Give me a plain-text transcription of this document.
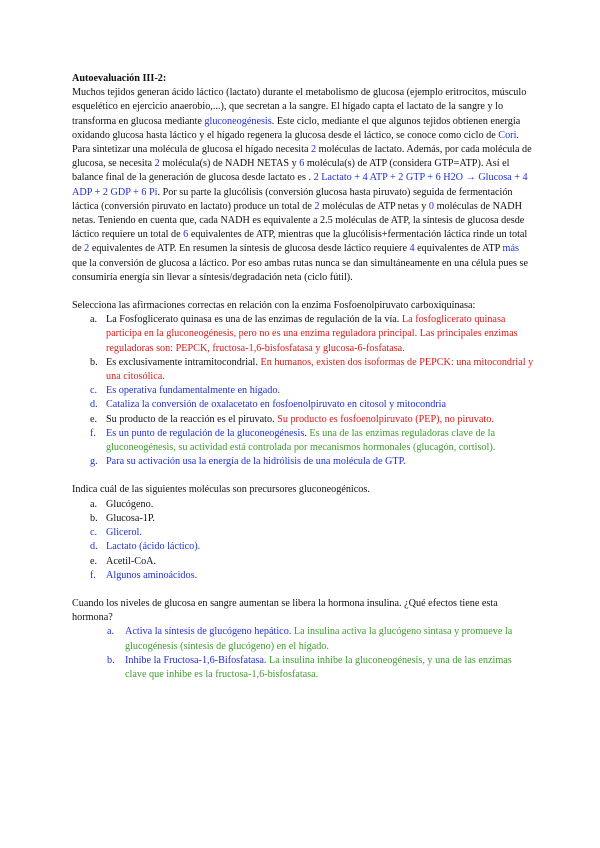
Autoevaluación III-2:

Muchos tejidos generan ácido láctico (lactato) durante el metabolismo de glucosa (ejemplo eritrocitos, músculo esquelético en ejercicio anaerobio,...), que secretan a la sangre. El hígado capta el lactato de la sangre y lo transforma en glucosa mediante gluconeogénesis. Este ciclo, mediante el que algunos tejidos obtienen energía oxidando glucosa hasta láctico y el hígado regenera la glucosa desde el láctico, se conoce como ciclo de Cori.

Para sintetizar una molécula de glucosa el hígado necesita 2 moléculas de lactato. Además, por cada molécula de glucosa, se necesita 2 molécula(s) de NADH NETAS y 6 molécula(s) de ATP (considera GTP=ATP). Así el balance final de la generación de glucosa desde lactato es . 2 Lactato + 4 ATP + 2 GTP + 6 H2O → Glucosa + 4 ADP + 2 GDP + 6 Pi. Por su parte la glucólisis (conversión glucosa hasta piruvato) seguida de fermentación láctica (conversión piruvato en lactato) produce un total de 2 moléculas de ATP netas y 0 moléculas de NADH netas. Teniendo en cuenta que, cada NADH es equivalente a 2.5 moléculas de ATP, la síntesis de glucosa desde láctico requiere un total de 6 equivalentes de ATP, mientras que la glucólisis+fermentación láctica rinde un total de 2 equivalentes de ATP. En resumen la síntesis de glucosa desde láctico requiere 4 equivalentes de ATP más que la conversión de glucosa a láctico. Por eso ambas rutas nunca se dan simultáneamente en una célula pues se consumiría energía sin llevar a síntesis/degradación neta (ciclo fútil).

Selecciona las afirmaciones correctas en relación con la enzima Fosfoenolpiruvato carboxiquinasa:

a. La Fosfoglicerato quinasa es una de las enzimas de regulación de la vía. La fosfoglicerato quinasa participa en la gluconeogénesis, pero no es una enzima reguladora principal. Las principales enzimas reguladoras son: PEPCK, fructosa-1,6-bisfosfatasa y glucosa-6-fosfatasa.
b. Es exclusivamente intramitocondrial. En humanos, existen dos isoformas de PEPCK: una mitocondrial y una citosólica.
c. Es operativa fundamentalmente en hígado.
d. Cataliza la conversión de oxalacetato en fosfoenolpiruvato en citosol y mitocondria
e. Su producto de la reacción es el piruvato. Su producto es fosfoenolpiruvato (PEP), no piruvato.
f. Es un punto de regulación de la gluconeogénesis. Es una de las enzimas reguladoras clave de la gluconeogénesis, su actividad está controlada por mecanismos hormonales (glucagón, cortisol).
g. Para su activación usa la energía de la hidrólisis de una molécula de GTP.

Indica cuál de las siguientes moléculas son precursores gluconeogénicos.

a. Glucógeno.
b. Glucosa-1P.
c. Glicerol.
d. Lactato (ácido láctico).
e. Acetil-CoA.
f. Algunos aminoácidos.

Cuando los niveles de glucosa en sangre aumentan se libera la hormona insulina. ¿Qué efectos tiene esta hormona?

a. Activa la síntesis de glucógeno hepático. La insulina activa la glucógeno sintasa y promueve la glucogénesis (síntesis de glucógeno) en el hígado.
b. Inhibe la Fructosa-1,6-Bifosfatasa. La insulina inhibe la gluconeogénesis, y una de las enzimas clave que inhibe es la fructosa-1,6-bisfosfatasa.
